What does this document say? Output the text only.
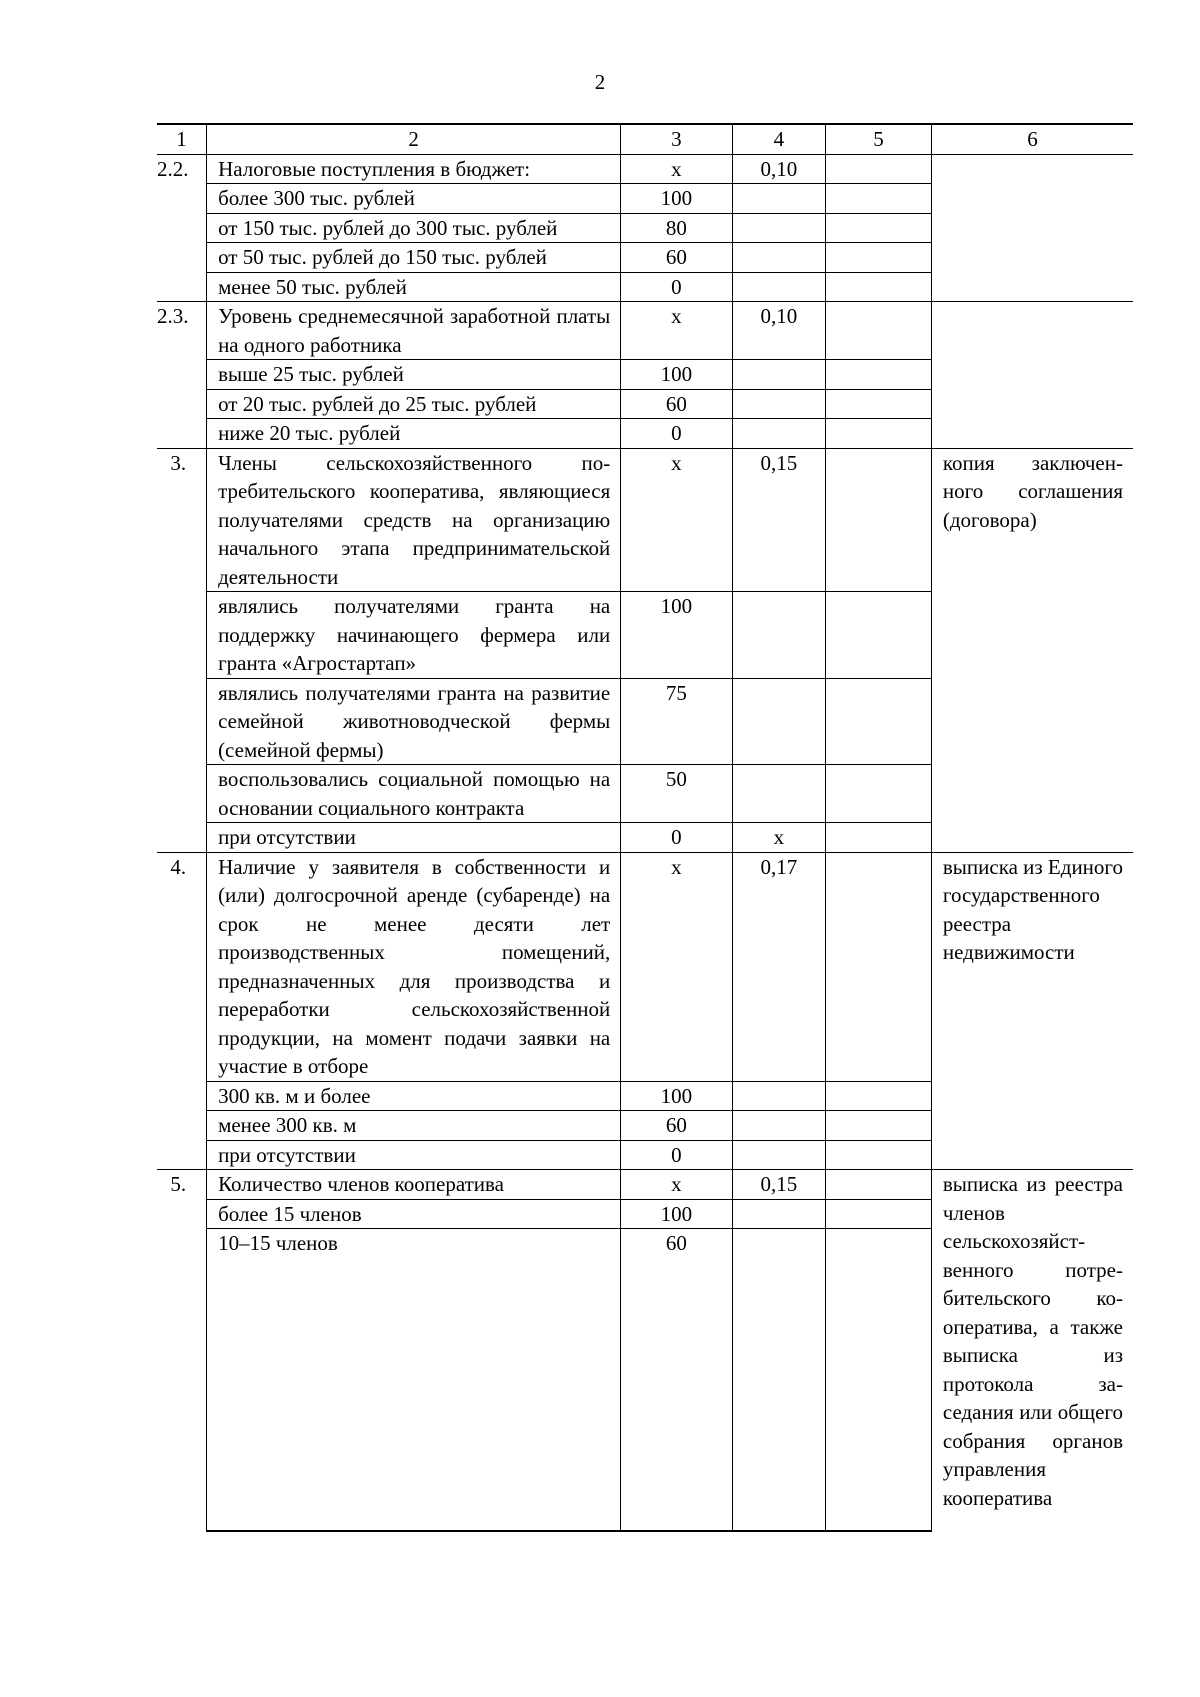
2
1	2	3	4	5	6
2.2.	Налоговые поступления в бюджет:	х	0,10		
	более 300 тыс. рублей	100			
	от 150 тыс. рублей до 300 тыс. рублей	80			
	от 50 тыс. рублей до 150 тыс. рублей	60			
	менее 50 тыс. рублей	0			
2.3.	Уровень среднемесячной заработной платы на одного работника	х	0,10		
	выше 25 тыс. рублей	100			
	от 20 тыс. рублей до 25 тыс. рублей	60			
	ниже 20 тыс. рублей	0			
3.	Члены сельскохозяйственного потребительского кооператива, являющиеся получателями средств на организацию начального этапа предпринимательской деятельности	х	0,15		копия заключенного соглашения (договора)
	являлись получателями гранта на поддержку начинающего фермера или гранта «Агростартап»	100			
	являлись получателями гранта на развитие семейной животноводческой фермы (семейной фермы)	75			
	воспользовались социальной помощью на основании социального контракта	50			
	при отсутствии	0	х		
4.	Наличие у заявителя в собственности и (или) долгосрочной аренде (субаренде) на срок не менее десяти лет производственных помещений, предназначенных для производства и переработки сельскохозяйственной продукции, на момент подачи заявки на участие в отборе	х	0,17		выписка из Единого государственного реестра недвижимости
	300 кв. м и более	100			
	менее 300 кв. м	60			
	при отсутствии	0			
5.	Количество членов кооператива	х	0,15		выписка из реестра членов сельскохозяйственного потребительского кооператива, а также выписка из протокола заседания или общего собрания органов управления кооператива
	более 15 членов	100			
	10–15 членов	60			
